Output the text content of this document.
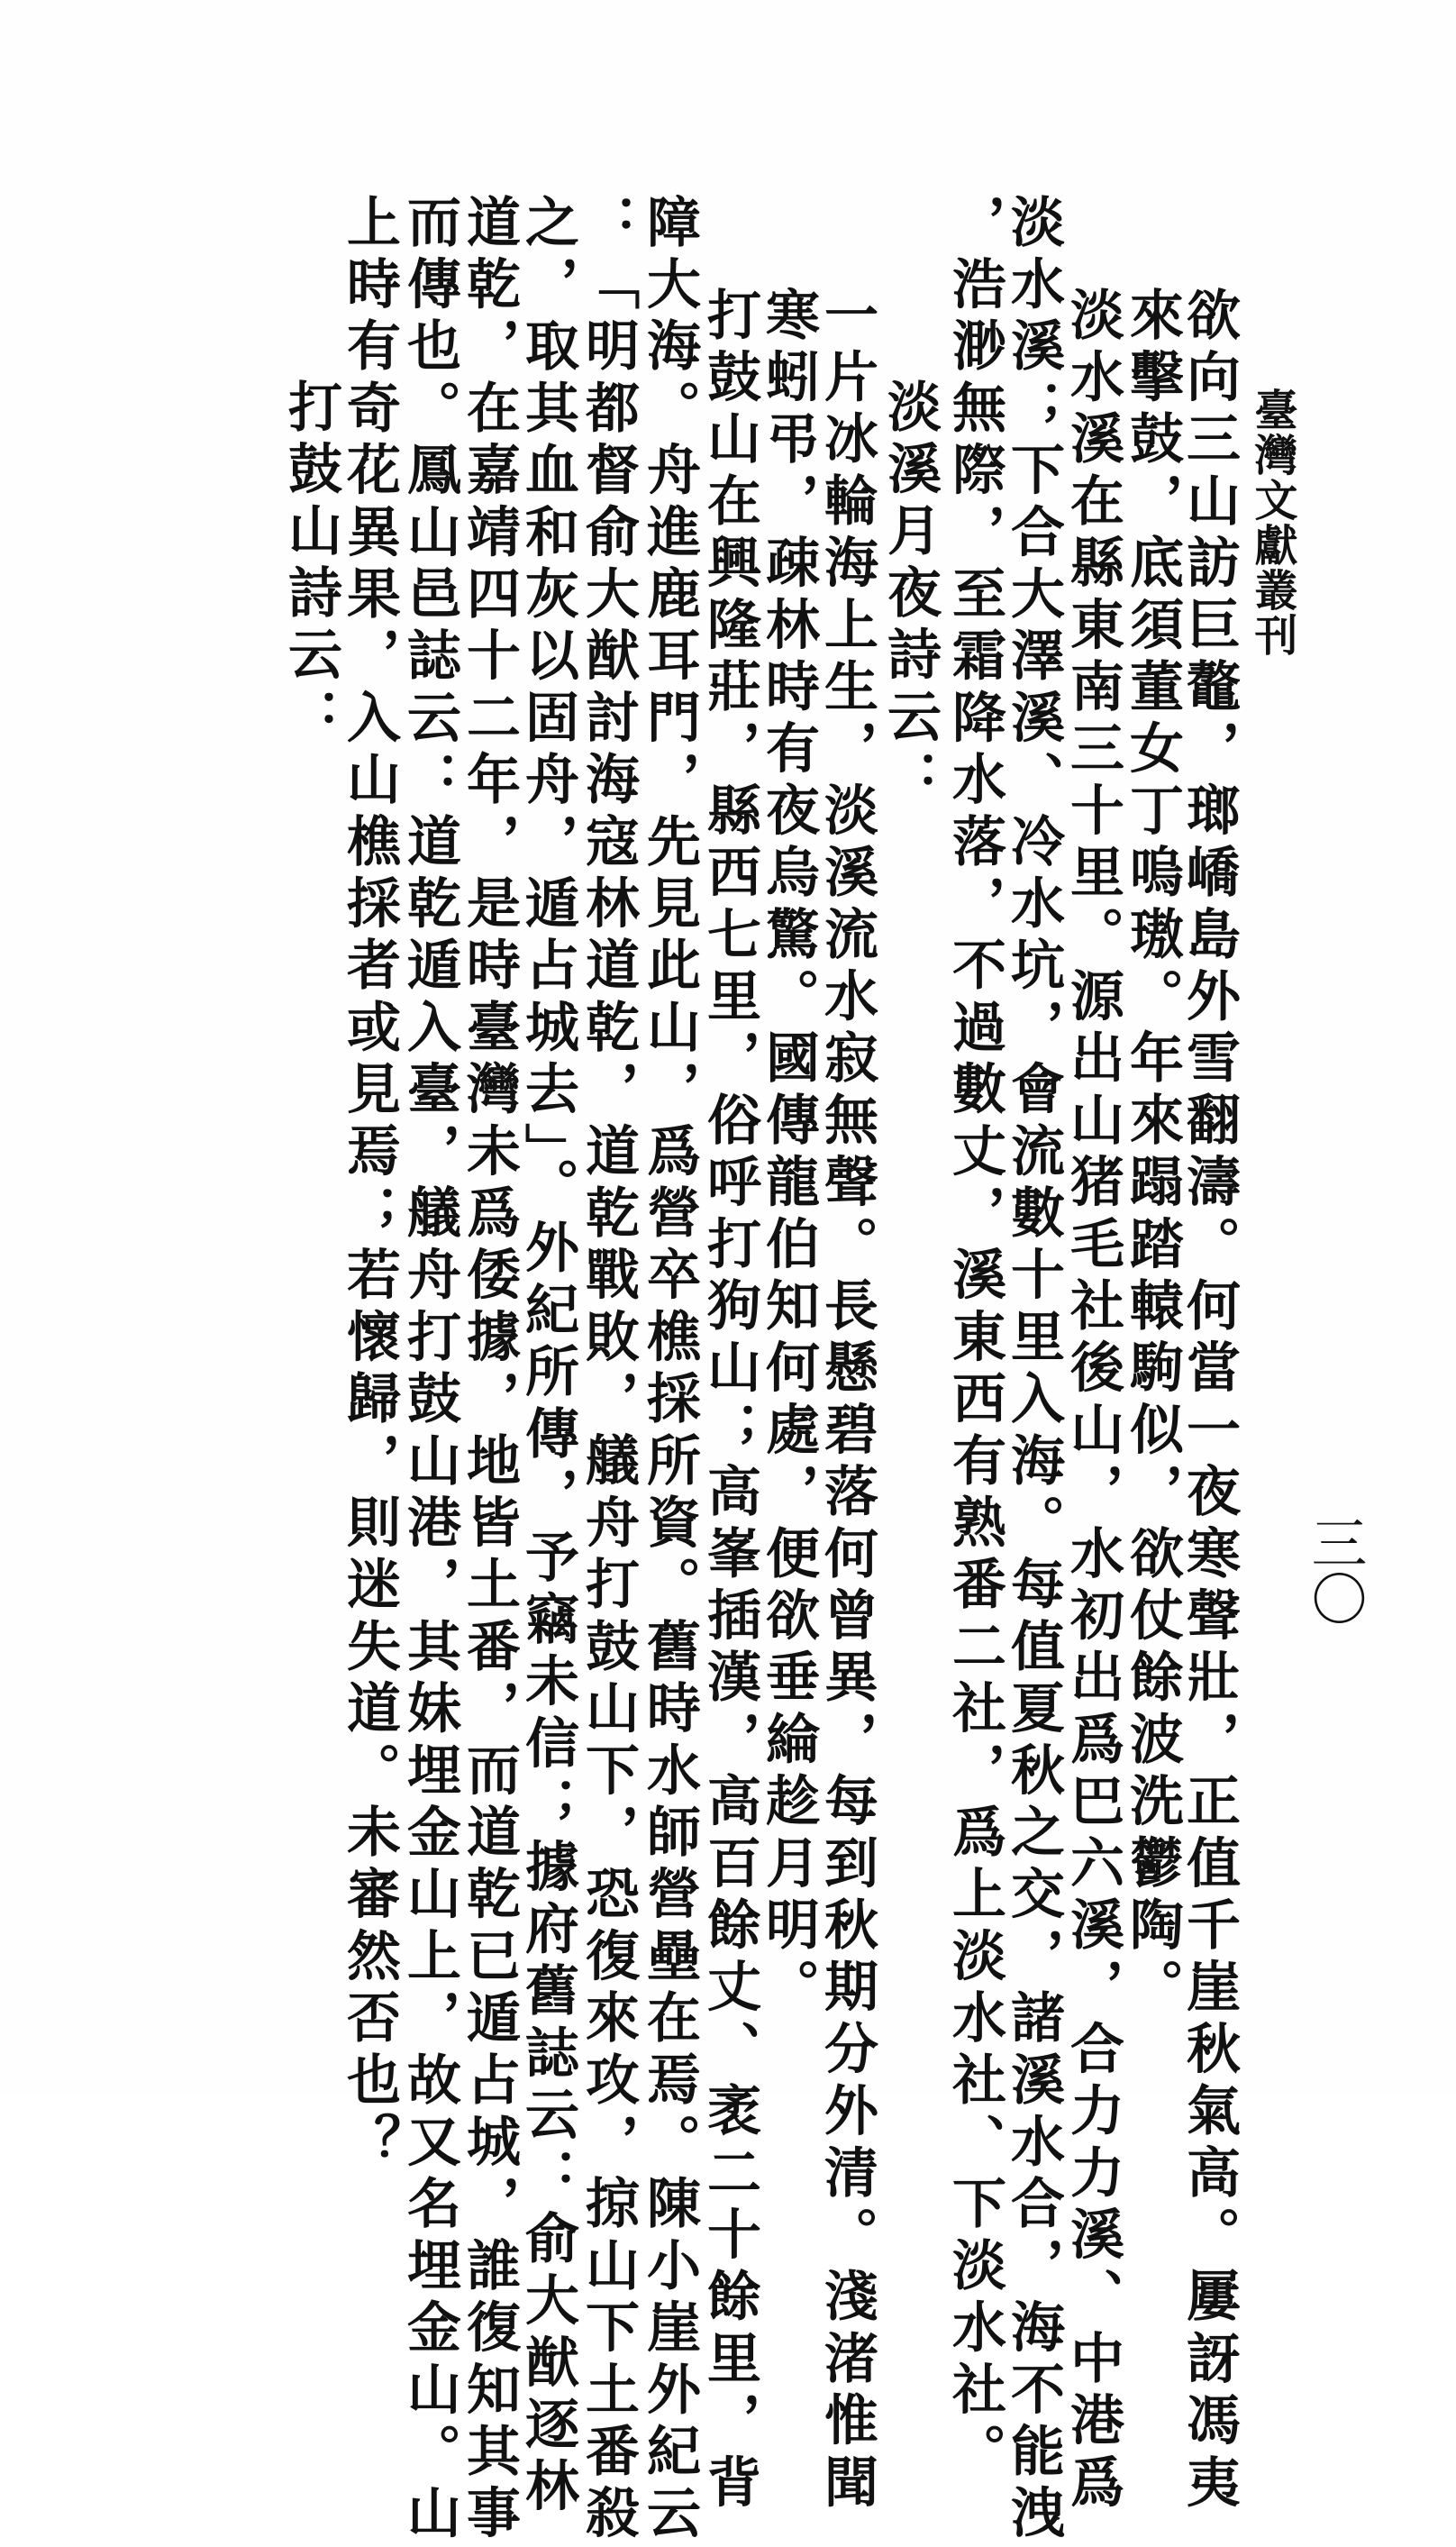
臺灣文獻叢刊
三〇
欲向三山訪巨鼇，瑯嶠島外雪翻濤。何當一夜寒聲壯，正值千崖秋氣高。屢訝馮夷
來擊鼓，底須董女丁嗚璈。年來蹋踏轅駒似，欲仗餘波洗鬱陶。
淡水溪在縣東南三十里。源出山猪毛社後山，水初出爲巴六溪，合力力溪、中港爲
淡水溪；下合大澤溪、冷水坑，會流數十里入海。每值夏秋之交，諸溪水合，海不能洩
，浩渺無際，至霜降水落，不過數丈，溪東西有熟番二社，爲上淡水社、下淡水社。
淡溪月夜詩云：
一片冰輪海上生，淡溪流水寂無聲。長懸碧落何曾異，每到秋期分外清。淺渚惟聞
寒蚓弔，疎林時有夜烏驚。國傳龍伯知何處，便欲垂綸趁月明。
打鼓山在興隆莊，縣西七里，俗呼打狗山；高峯插漢，高百餘丈、袤二十餘里，背
障大海。舟進鹿耳門，先見此山，爲營卒樵採所資。舊時水師營壘在焉。陳小崖外紀云
：「明都督俞大猷討海寇林道乾，道乾戰敗，艤舟打鼓山下，恐復來攻，掠山下土番殺
之，取其血和灰以固舟，遁占城去」。外紀所傳，予竊未信；據府舊誌云：俞大猷逐林
道乾，在嘉靖四十二年，是時臺灣未爲倭據，地皆土番，而道乾已遁占城，誰復知其事
而傳也。鳳山邑誌云：道乾遁入臺，艤舟打鼓山港，其妹埋金山上，故又名埋金山。山
上時有奇花異果，入山樵採者或見焉；若懷歸，則迷失道。未審然否也？
打鼓山詩云：
